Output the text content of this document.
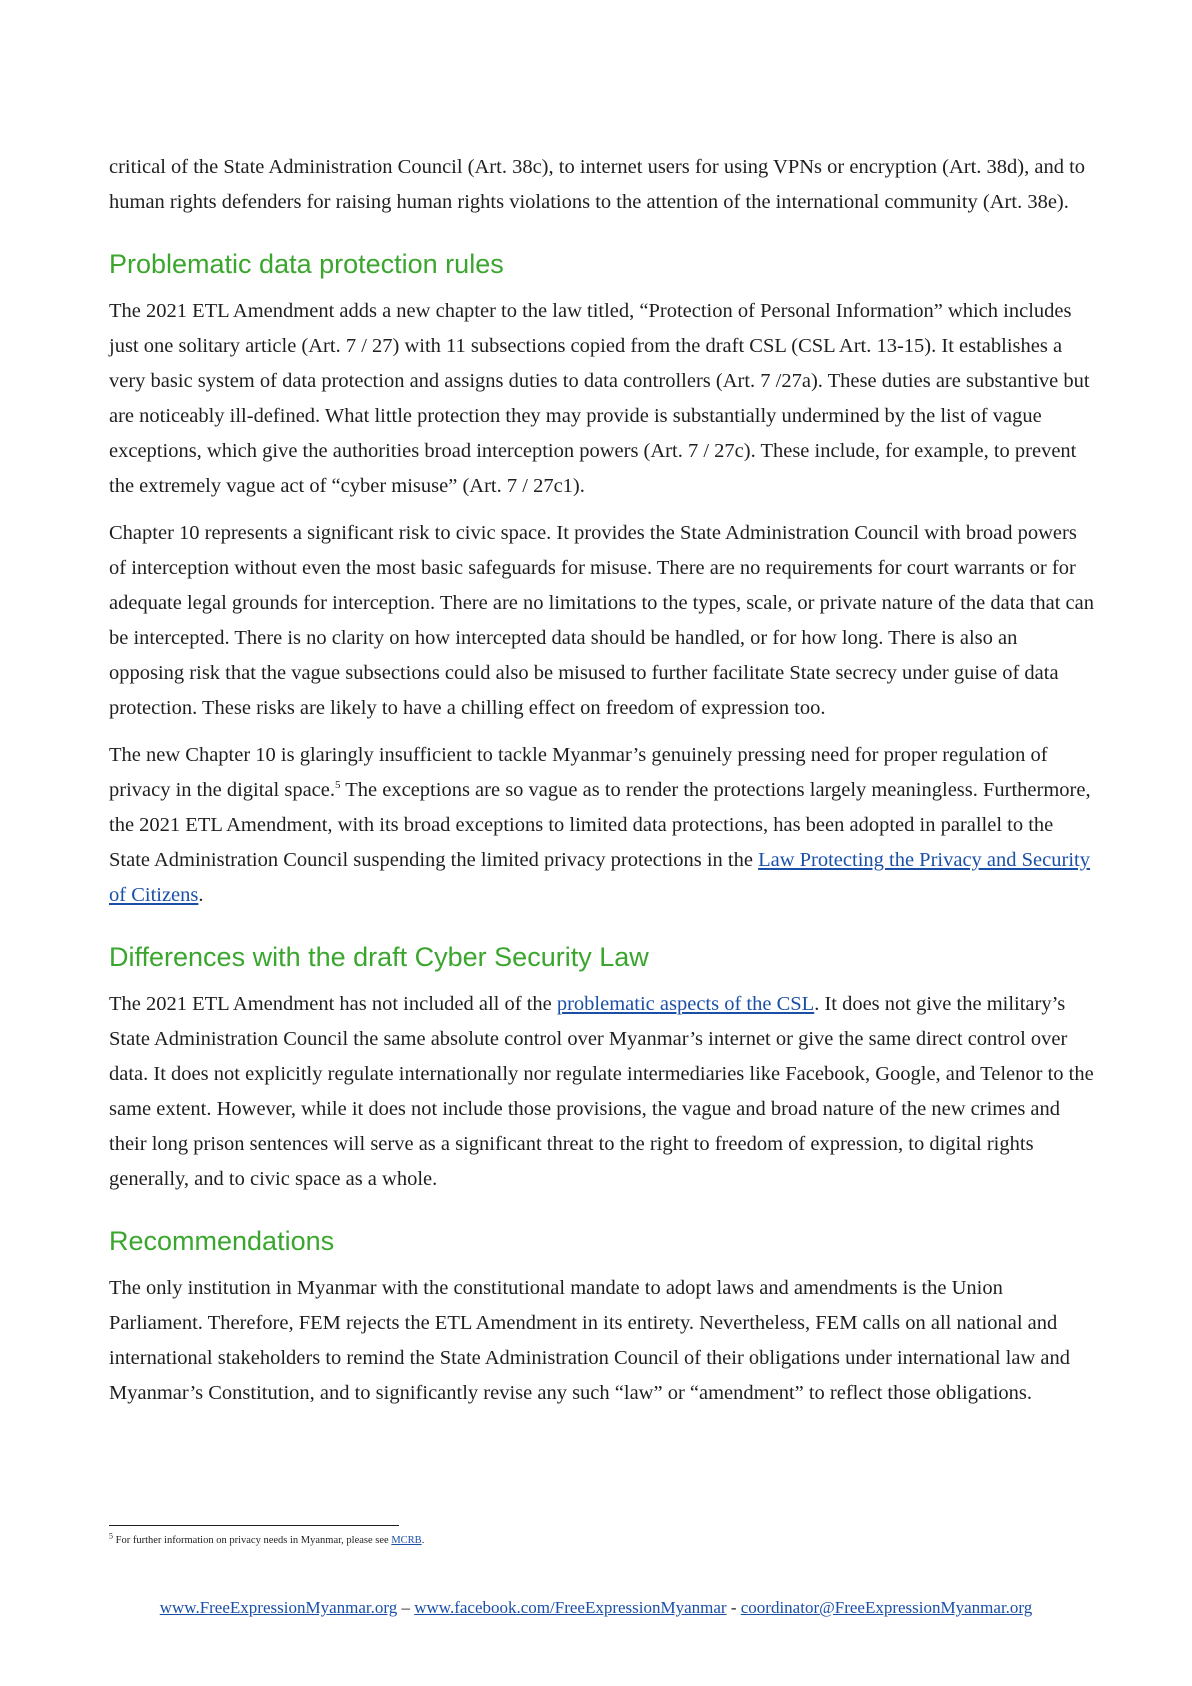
critical of the State Administration Council (Art. 38c), to internet users for using VPNs or encryption (Art. 38d), and to human rights defenders for raising human rights violations to the attention of the international community (Art. 38e).

Problematic data protection rules

The 2021 ETL Amendment adds a new chapter to the law titled, “Protection of Personal Information” which includes just one solitary article (Art. 7 / 27) with 11 subsections copied from the draft CSL (CSL Art. 13-15). It establishes a very basic system of data protection and assigns duties to data controllers (Art. 7 /27a). These duties are substantive but are noticeably ill-defined. What little protection they may provide is substantially undermined by the list of vague exceptions, which give the authorities broad interception powers (Art. 7 / 27c). These include, for example, to prevent the extremely vague act of “cyber misuse” (Art. 7 / 27c1).

Chapter 10 represents a significant risk to civic space. It provides the State Administration Council with broad powers of interception without even the most basic safeguards for misuse. There are no requirements for court warrants or for adequate legal grounds for interception. There are no limitations to the types, scale, or private nature of the data that can be intercepted. There is no clarity on how intercepted data should be handled, or for how long. There is also an opposing risk that the vague subsections could also be misused to further facilitate State secrecy under guise of data protection. These risks are likely to have a chilling effect on freedom of expression too.

The new Chapter 10 is glaringly insufficient to tackle Myanmar’s genuinely pressing need for proper regulation of privacy in the digital space.$^5$ The exceptions are so vague as to render the protections largely meaningless. Furthermore, the 2021 ETL Amendment, with its broad exceptions to limited data protections, has been adopted in parallel to the State Administration Council suspending the limited privacy protections in the Law Protecting the Privacy and Security of Citizens.

Differences with the draft Cyber Security Law

The 2021 ETL Amendment has not included all of the problematic aspects of the CSL. It does not give the military’s State Administration Council the same absolute control over Myanmar’s internet or give the same direct control over data. It does not explicitly regulate internationally nor regulate intermediaries like Facebook, Google, and Telenor to the same extent. However, while it does not include those provisions, the vague and broad nature of the new crimes and their long prison sentences will serve as a significant threat to the right to freedom of expression, to digital rights generally, and to civic space as a whole.

Recommendations

The only institution in Myanmar with the constitutional mandate to adopt laws and amendments is the Union Parliament. Therefore, FEM rejects the ETL Amendment in its entirety. Nevertheless, FEM calls on all national and international stakeholders to remind the State Administration Council of their obligations under international law and Myanmar’s Constitution, and to significantly revise any such “law” or “amendment” to reflect those obligations.

$^5$ For further information on privacy needs in Myanmar, please see MCRB.
www.FreeExpressionMyanmar.org – www.facebook.com/FreeExpressionMyanmar - coordinator@FreeExpressionMyanmar.org
